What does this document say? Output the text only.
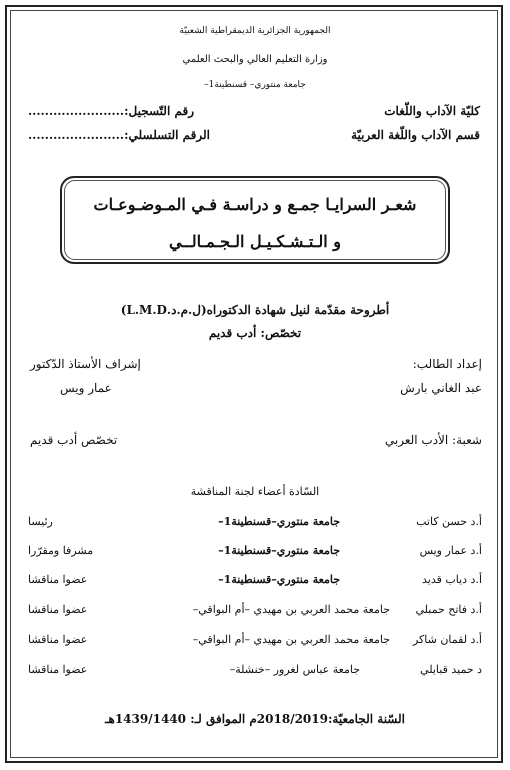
الجمهورية الجزائرية الديمقراطية الشعبيّة
وزارة التعليم العالي والبحث العلمي
جامعة منتوري– قسنطينة1–
كليّة الآداب واللّغات
قسم الآداب واللّغة العربيّة
رقم التّسجيل:.......................
الرقم التسلسلي:.......................
شعـر السرايـا جمـع و دراسـة فـي المـوضـوعـات
و الـتـشـكـيـل الـجـمـالــي
أطروحة مقدّمة لنيل شهادة الدكتوراه(ل.م.د.L.M.D)
تخصّص: أدب قديم
إعداد الطالب:
عبد الغاني بارش
إشراف الأستاذ الدّكتور
عمار ويس
شعبة: الأدب العربي
تخصّص أدب قديم
السّادة أعضاء لجنة المناقشة
أ.د حسن كاتب
جامعة منتوري–قسنطينة1–
رئيسا
أ.د عمار ويس
جامعة منتوري–قسنطينة1–
مشرفا ومقرّرا
أ.د دياب قديد
جامعة منتوري–قسنطينة1–
عضوا مناقشا
أ.د فاتح حمبلي
جامعة محمد العربي بن مهيدي –أم البواقي–
عضوا مناقشا
أ.د لقمان شاكر
جامعة محمد العربي بن مهيدي –أم البواقي–
عضوا مناقشا
د حميد قبايلي
جامعة عباس لغرور –خنشلة–
عضوا مناقشا
السّنة الجامعيّة:2018/2019م الموافق لـ: 1439/1440هـ
